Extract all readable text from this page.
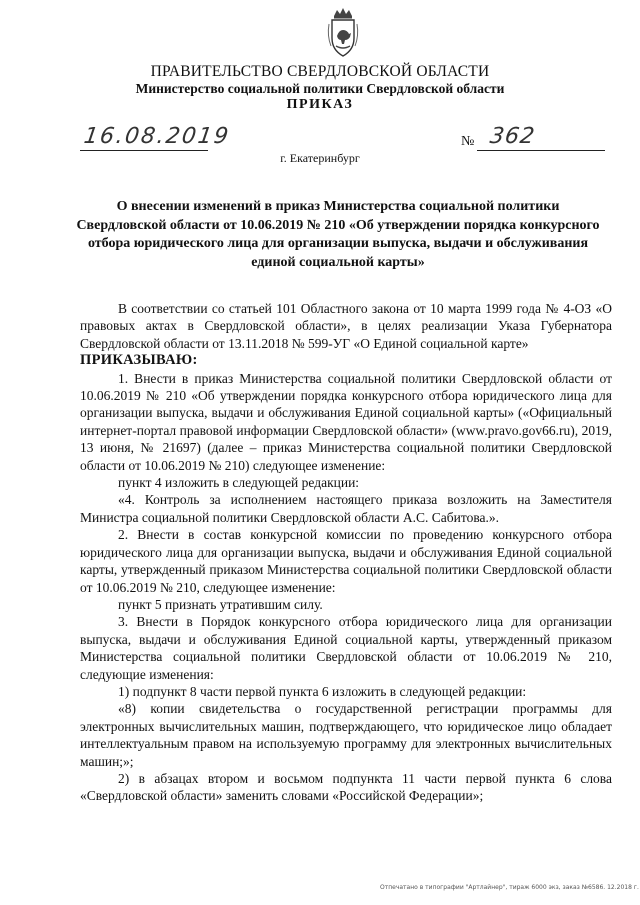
ПРАВИТЕЛЬСТВО СВЕРДЛОВСКОЙ ОБЛАСТИ
Министерство социальной политики Свердловской области
ПРИКАЗ
16.08.2019	№ 362
г. Екатеринбург
О внесении изменений в приказ Министерства социальной политики Свердловской области от 10.06.2019 № 210 «Об утверждении порядка конкурсного отбора юридического лица для организации выпуска, выдачи и обслуживания единой социальной карты»

В соответствии со статьей 101 Областного закона от 10 марта 1999 года № 4-ОЗ «О правовых актах в Свердловской области», в целях реализации Указа Губернатора Свердловской области от 13.11.2018 № 599-УГ «О Единой социальной карте»

ПРИКАЗЫВАЮ:

1. Внести в приказ Министерства социальной политики Свердловской области от 10.06.2019 № 210 «Об утверждении порядка конкурсного отбора юридического лица для организации выпуска, выдачи и обслуживания Единой социальной карты» («Официальный интернет-портал правовой информации Свердловской области» (www.pravo.gov66.ru), 2019, 13 июня, № 21697) (далее – приказ Министерства социальной политики Свердловской области от 10.06.2019 № 210) следующее изменение:

пункт 4 изложить в следующей редакции:

«4. Контроль за исполнением настоящего приказа возложить на Заместителя Министра социальной политики Свердловской области А.С. Сабитова.».

2. Внести в состав конкурсной комиссии по проведению конкурсного отбора юридического лица для организации выпуска, выдачи и обслуживания Единой социальной карты, утвержденный приказом Министерства социальной политики Свердловской области от 10.06.2019 № 210, следующее изменение:

пункт 5 признать утратившим силу.

3. Внести в Порядок конкурсного отбора юридического лица для организации выпуска, выдачи и обслуживания Единой социальной карты, утвержденный приказом Министерства социальной политики Свердловской области от 10.06.2019 № 210, следующие изменения:

1) подпункт 8 части первой пункта 6 изложить в следующей редакции:

«8) копии свидетельства о государственной регистрации программы для электронных вычислительных машин, подтверждающего, что юридическое лицо обладает интеллектуальным правом на используемую программу для электронных вычислительных машин;»;

2) в абзацах втором и восьмом подпункта 11 части первой пункта 6 слова «Свердловской области» заменить словами «Российской Федерации»;

Отпечатано в типографии "Артлайнер", тираж 6000 экз, заказ №6586. 12.2018 г.
